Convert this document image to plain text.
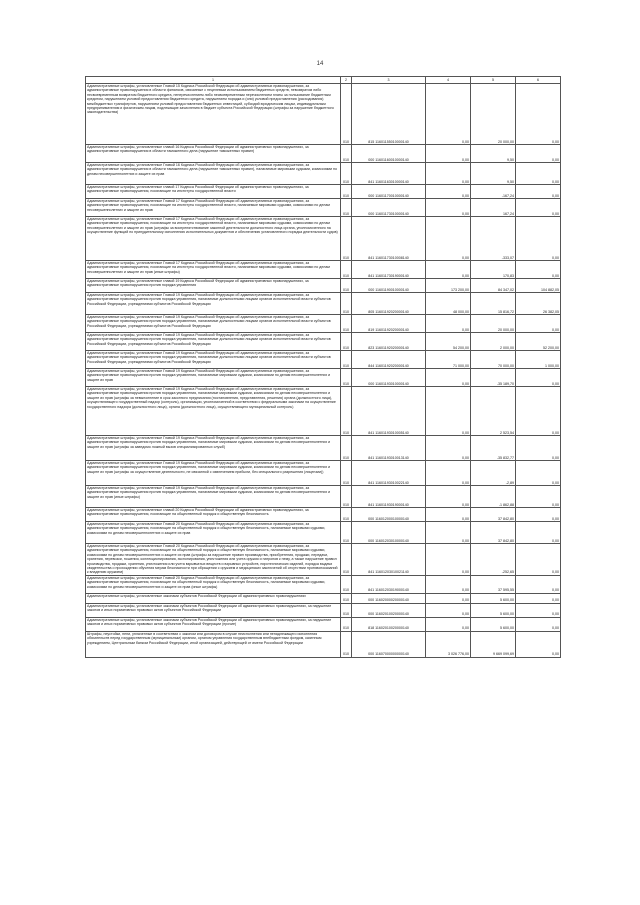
14
1	2	3	4	5	6
Административные штрафы, установленные Главой 15 Кодекса Российской Федерации об административных правонарушениях, за административные правонарушения в области финансов, связанные с нецелевым использованием бюджетных средств, невозвратом либо несвоевременным возвратом бюджетного кредита, неперечислением либо несвоевременным перечислением платы за пользование бюджетным кредитом, нарушением условий предоставления бюджетного кредита, нарушением порядка и (или) условий предоставления (расходования) межбюджетных трансфертов, нарушением условий предоставления бюджетных инвестиций, субсидий юридическим лицам, индивидуальным предпринимателям и физическим лицам, подлежащие зачислению в бюджет субъекта Российской Федерации (штрафы за нарушение бюджетного законодательства)	010	815 11601155010000140	0,00	20 000,00	0,00
Административные штрафы, установленные главой 16 Кодекса Российской Федерации об административных правонарушениях, за административные правонарушения в области таможенного дела (нарушение таможенных правил)	010	000 11601160010000140	0,00	9,50	0,00
Административные штрафы, установленные Главой 16 Кодекса Российской Федерации об административных правонарушениях, за административные правонарушения в области таможенного дела (нарушение таможенных правил), налагаемые мировыми судьями, комиссиями по делам несовершеннолетних и защите их прав	010	841 11601163010000140	0,00	9,50	0,00
Административные штрафы, установленные главой 17 Кодекса Российской Федерации об административных правонарушениях, за административные правонарушения, посягающие на институты государственной власти	010	000 11601170010000140	0,00	-167,24	0,00
Административные штрафы, установленные Главой 17 Кодекса Российской Федерации об административных правонарушениях, за административные правонарушения, посягающие на институты государственной власти, налагаемые мировыми судьями, комиссиями по делам несовершеннолетних и защите их прав	010	000 11601173010000140	0,00	167,24	0,00
Административные штрафы, установленные Главой 17 Кодекса Российской Федерации об административных правонарушениях, за административные правонарушения, посягающие на институты государственной власти, налагаемые мировыми судьями, комиссиями по делам несовершеннолетних и защите их прав (штрафы за воспрепятствование законной деятельности должностного лица органа, уполномоченного на осуществление функций по принудительному исполнению исполнительных документов и обеспечению установленного порядка деятельности судов)	010	841 11601173010008140	0,00	-333,07	0,00
Административные штрафы, установленные Главой 17 Кодекса Российской Федерации об административных правонарушениях, за административные правонарушения, посягающие на институты государственной власти, налагаемые мировыми судьями, комиссиями по делам несовершеннолетних и защите их прав (иные штрафы)	010	841 11601173019000140	0,00	170,83	0,00
Административные штрафы, установленные главой 19 Кодекса Российской Федерации об административных правонарушениях, за административные правонарушения против порядка управления	010	000 11601190010000140	173 200,00	84 347,02	104 882,05
Административные штрафы, установленные Главой 19 Кодекса Российской Федерации об административных правонарушениях, за административные правонарушения против порядка управления, налагаемые должностными лицами органов исполнительной власти субъектов Российской Федерации, учреждениями субъектов Российской Федерации	010	805 11601192020000140	48 000,00	15 816,72	26 382,05
Административные штрафы, установленные Главой 19 Кодекса Российской Федерации об административных правонарушениях, за административные правонарушения против порядка управления, налагаемые должностными лицами органов исполнительной власти субъектов Российской Федерации, учреждениями субъектов Российской Федерации	010	819 11601192020000140	0,00	20 000,00	0,00
Административные штрафы, установленные Главой 19 Кодекса Российской Федерации об административных правонарушениях, за административные правонарушения против порядка управления, налагаемые должностными лицами органов исполнительной власти субъектов Российской Федерации, учреждениями субъектов Российской Федерации	010	823 11601192020000140	54 200,00	2 000,00	52 200,00
Административные штрафы, установленные Главой 19 Кодекса Российской Федерации об административных правонарушениях, за административные правонарушения против порядка управления, налагаемые должностными лицами органов исполнительной власти субъектов Российской Федерации, учреждениями субъектов Российской Федерации	010	844 11601192020000140	71 000,00	70 000,00	1 000,00
Административные штрафы, установленные Главой 19 Кодекса Российской Федерации об административных правонарушениях, за административные правонарушения против порядка управления, налагаемые мировыми судьями, комиссиями по делам несовершеннолетних и защите их прав	010	000 11601193010000140	0,00	-35 189,70	0,00
Административные штрафы, установленные Главой 19 Кодекса Российской Федерации об административных правонарушениях, за административные правонарушения против порядка управления, налагаемые мировыми судьями, комиссиями по делам несовершеннолетних и защите их прав (штрафы за невыполнение в срок законного предписания (постановления, представления, решения) органа (должностного лица), осуществляющего государственный надзор (контроль), организации, уполномоченной в соответствии с федеральными законами на осуществление государственного надзора (должностного лица), органа (должностного лица), осуществляющего муниципальный контроль)	010	841 11601193010005140	0,00	2 523,54	0,00
Административные штрафы, установленные Главой 19 Кодекса Российской Федерации об административных правонарушениях, за административные правонарушения против порядка управления, налагаемые мировыми судьями, комиссиями по делам несовершеннолетних и защите их прав (штрафы за заведомо ложный вызов специализированных служб)	010	841 11601193010013140	0,00	-35 832,77	0,00
Административные штрафы, установленные Главой 19 Кодекса Российской Федерации об административных правонарушениях, за административные правонарушения против порядка управления, налагаемые мировыми судьями, комиссиями по делам несовершеннолетних и защите их прав (штрафы за осуществление деятельности, не связанной с извлечением прибыли, без специального разрешения (лицензии))	010	841 11601193010022140	0,00	-2,89	0,00
Административные штрафы, установленные Главой 19 Кодекса Российской Федерации об административных правонарушениях, за административные правонарушения против порядка управления, налагаемые мировыми судьями, комиссиями по делам несовершеннолетних и защите их прав (иные штрафы)	010	841 11601193019000140	0,00	-1 862,88	0,00
Административные штрафы, установленные главой 20 Кодекса Российской Федерации об административных правонарушениях, за административные правонарушения, посягающие на общественный порядок и общественную безопасность	010	000 11601200010000140	0,00	37 842,80	0,00
Административные штрафы, установленные Главой 20 Кодекса Российской Федерации об административных правонарушениях, за административные правонарушения, посягающие на общественный порядок и общественную безопасность, налагаемые мировыми судьями, комиссиями по делам несовершеннолетних и защите их прав	010	000 11601203010000140	0,00	37 842,80	0,00
Административные штрафы, установленные Главой 20 Кодекса Российской Федерации об административных правонарушениях, за административные правонарушения, посягающие на общественный порядок и общественную безопасность, налагаемые мировыми судьями, комиссиями по делам несовершеннолетних и защите их прав (штрафы за нарушение правил производства, приобретения, продажи, передачи, хранения, перевозки, ношения, коллекционирования, экспонирования, уничтожения или учета оружия и патронов к нему, а также нарушение правил производства, продажи, хранения, уничтожения или учета взрывчатых веществ и взрывных устройств, пиротехнических изделий, порядка выдачи свидетельства о прохождении обучения мерам безопасности при обращении с оружием и медицинских заключений об отсутствии противопоказаний к владению оружием)	010	841 11601203010021140	0,00	-252,65	0,00
Административные штрафы, установленные Главой 20 Кодекса Российской Федерации об административных правонарушениях, за административные правонарушения, посягающие на общественный порядок и общественную безопасность, налагаемые мировыми судьями, комиссиями по делам несовершеннолетних и защите их прав (иные штрафы)	010	841 11601203019000140	0,00	37 595,55	0,00
Административные штрафы, установленные законами субъектов Российской Федерации об административных правонарушениях	010	000 11602000020000140	0,00	5 600,00	0,00
Административные штрафы, установленные законами субъектов Российской Федерации об административных правонарушениях, за нарушение законов и иных нормативных правовых актов субъектов Российской Федерации	010	000 11602010020000140	0,00	5 600,00	0,00
Административные штрафы, установленные законами субъектов Российской Федерации об административных правонарушениях, за нарушение законов и иных нормативных правовых актов субъектов Российской Федерации (прочие)	010	818 11602010020000140	0,00	5 600,00	0,00
Штрафы, неустойки, пени, уплаченные в соответствии с законом или договором в случае неисполнения или ненадлежащего исполнения обязательств перед государственным (муниципальным) органом, органом управления государственным внебюджетным фондом, казенным учреждением, Центральным банком Российской Федерации, иной организацией, действующей от имени Российской Федерации	010	000 11607000000000140	3 026 776,00	9 669 099,69	0,00
